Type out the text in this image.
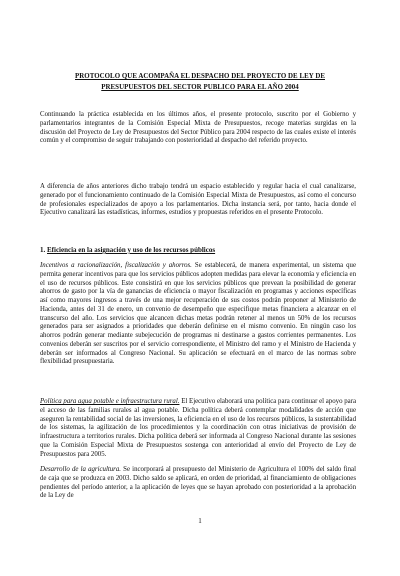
PROTOCOLO QUE ACOMPAÑA EL DESPACHO DEL PROYECTO DE LEY DE
PRESUPUESTOS DEL SECTOR PUBLICO PARA EL AÑO 2004

Continuando la práctica establecida en los últimos años, el presente protocolo, suscrito por el Gobierno y parlamentarios integrantes de la Comisión Especial Mixta de Presupuestos, recoge materias surgidas en la discusión del Proyecto de Ley de Presupuestos del Sector Público para 2004 respecto de las cuales existe el interés común y el compromiso de seguir trabajando con posterioridad al despacho del referido proyecto.

A diferencia de años anteriores dicho trabajo tendrá un espacio establecido y regular hacia el cual canalizarse, generado por el funcionamiento continuado de la Comisión Especial Mixta de Presupuestos, así como el concurso de profesionales especializados de apoyo a los parlamentarios. Dicha instancia será, por tanto, hacia donde el Ejecutivo canalizará las estadísticas, informes, estudios y propuestas referidos en el presente Protocolo.

1. Eficiencia en la asignación y uso de los recursos públicos

Incentivos a racionalización, fiscalización y ahorros. Se establecerá, de manera experimental, un sistema que permita generar incentivos para que los servicios públicos adopten medidas para elevar la economía y eficiencia en el uso de recursos públicos. Este consistirá en que los servicios públicos que prevean la posibilidad de generar ahorros de gasto por la vía de ganancias de eficiencia o mayor fiscalización en programas y acciones específicas así como mayores ingresos a través de una mejor recuperación de sus costos podrán proponer al Ministerio de Hacienda, antes del 31 de enero, un convenio de desempeño que especifique metas financiera a alcanzar en el transcurso del año. Los servicios que alcancen dichas metas podrán retener al menos un 50% de los recursos generados para ser asignados a prioridades que deberán definirse en el mismo convenio. En ningún caso los ahorros podrán generar mediante subejecución de programas ni destinarse a gastos corrientes permanentes. Los convenios deberán ser suscritos por el servicio correspondiente, el Ministro del ramo y el Ministro de Hacienda y deberán ser informados al Congreso Nacional. Su aplicación se efectuará en el marco de las normas sobre flexibilidad presupuestaria.

Política para agua potable e infraestructura rural. El Ejecutivo elaborará una política para continuar el apoyo para el acceso de las familias rurales al agua potable. Dicha política deberá contemplar modalidades de acción que aseguren la rentabilidad social de las inversiones, la eficiencia en el uso de los recursos públicos, la sustentabilidad de los sistemas, la agilización de los procedimientos y la coordinación con otras iniciativas de provisión de infraestructura a territorios rurales. Dicha política deberá ser informada al Congreso Nacional durante las sesiones que la Comisión Especial Mixta de Presupuestos sostenga con anterioridad al envío del Proyecto de Ley de Presupuestos para 2005.

Desarrollo de la agricultura. Se incorporará al presupuesto del Ministerio de Agricultura el 100% del saldo final de caja que se produzca en 2003. Dicho saldo se aplicará, en orden de prioridad, al financiamiento de obligaciones pendientes del período anterior, a la aplicación de leyes que se hayan aprobado con posterioridad a la aprobación de la Ley de

1
